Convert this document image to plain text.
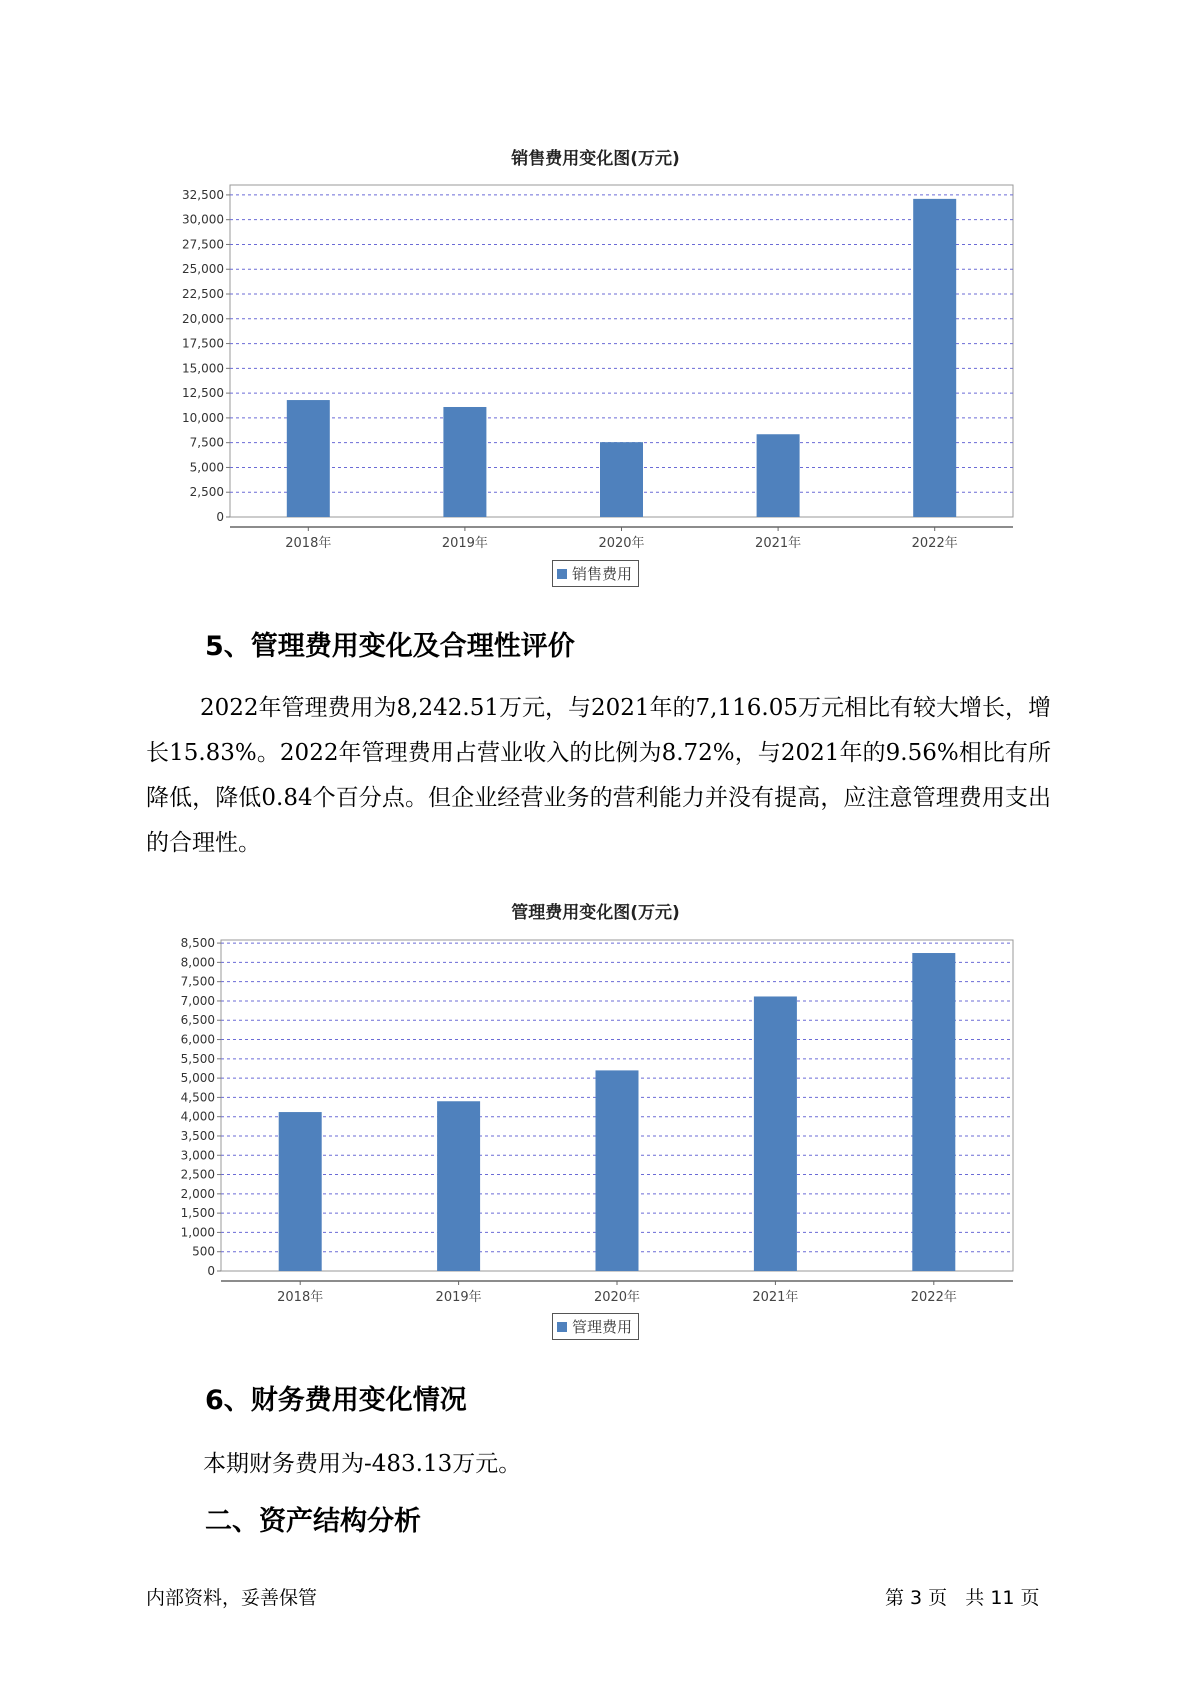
销售费用变化图(万元)
0
2,500
5,000
7,500
10,000
12,500
15,000
17,500
20,000
22,500
25,000
27,500
30,000
32,500
2018年	2019年	2020年	2021年	2022年
销售费用
5、管理费用变化及合理性评价

2022年管理费用为8,242.51万元，与2021年的7,116.05万元相比有较大增长，增长15.83%。2022年管理费用占营业收入的比例为8.72%，与2021年的9.56%相比有所降低，降低0.84个百分点。但企业经营业务的营利能力并没有提高，应注意管理费用支出的合理性。

管理费用变化图(万元)
0
500
1,000
1,500
2,000
2,500
3,000
3,500
4,000
4,500
5,000
5,500
6,000
6,500
7,000
7,500
8,000
8,500
2018年	2019年	2020年	2021年	2022年
管理费用
6、财务费用变化情况

本期财务费用为-483.13万元。

二、资产结构分析
内部资料，妥善保管	第 3 页   共 11 页
